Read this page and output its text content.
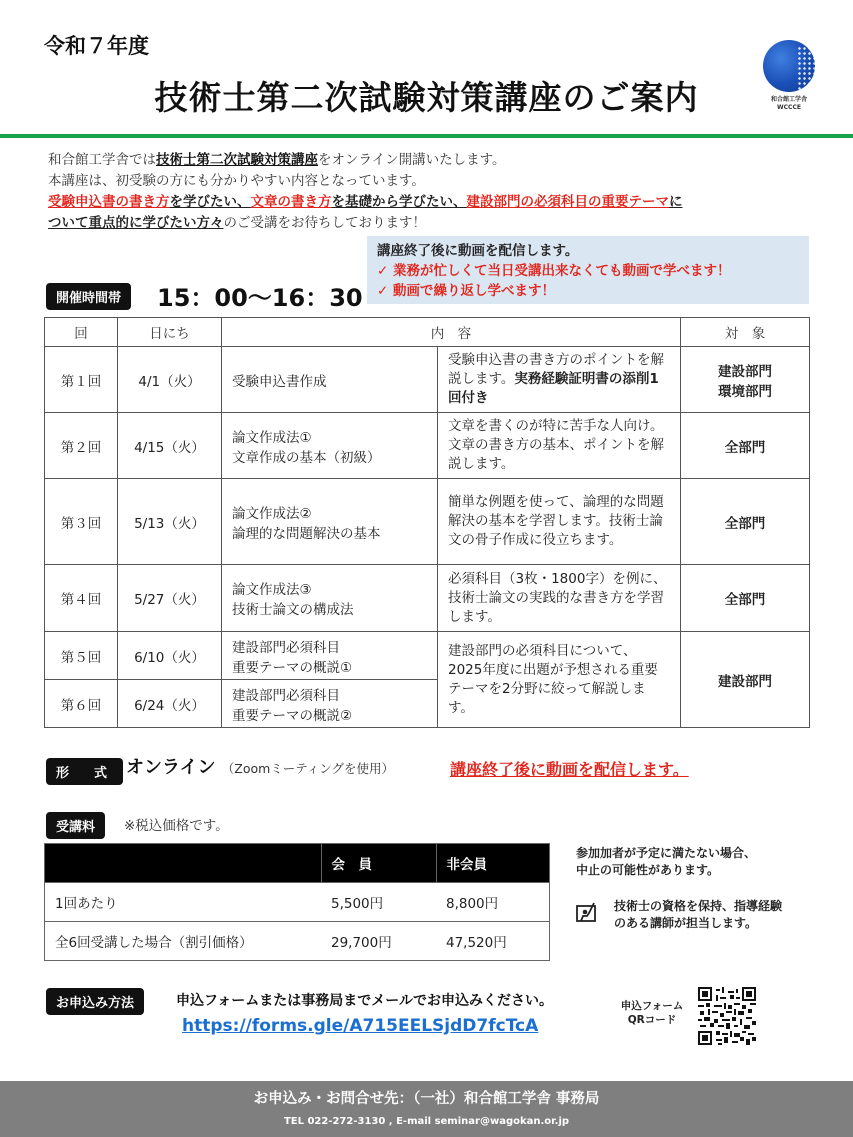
令和７年度
技術士第二次試験対策講座のご案内	和合館工学舎
WCCCE
和合館工学舎では技術士第二次試験対策講座をオンライン開講いたします。
本講座は、初受験の方にも分かりやすい内容となっています。
受験申込書の書き方を学びたい、文章の書き方を基礎から学びたい、建設部門の必須科目の重要テーマに
ついて重点的に学びたい方々のご受講をお待ちしております！
講座終了後に動画を配信します。
✓ 業務が忙しくて当日受講出来なくても動画で学べます！
✓ 動画で繰り返し学べます！
開催時間帯	15：00～16：30
回	日にち	内　容		対　象
第１回	4/1（火）	受験申込書作成	受験申込書の書き方のポイントを解説します。実務経験証明書の添削1回付き	建設部門
環境部門

第２回	4/15（火）	論文作成法①
文章作成の基本（初級）	文章を書くのが特に苦手な人向け。文章の書き方の基本、ポイントを解説します。	全部門
第３回	5/13（火）	論文作成法②
論理的な問題解決の基本	簡単な例題を使って、論理的な問題解決の基本を学習します。技術士論文の骨子作成に役立ちます。	全部門
第４回	5/27（火）	論文作成法③
技術士論文の構成法	必須科目（3枚・1800字）を例に、技術士論文の実践的な書き方を学習します。	全部門
第５回	6/10（火）	建設部門必須科目
重要テーマの概説①	建設部門の必須科目について、2025年度に出題が予想される重要テーマを2分野に絞って解説します。	建設部門
第６回	6/24（火）	建設部門必須科目
重要テーマの概説②		
形　式 オンライン （Zoomミーティングを使用）	講座終了後に動画を配信します。
受講料	※税込価格です。
	会　員	非会員
1回あたり	5,500円	8,800円
全6回受講した場合（割引価格）	29,700円	47,520円
参加加者が予定に満たない場合、
中止の可能性があります。
技術士の資格を保持、指導経験
のある講師が担当します。
お申込み方法	申込フォームまたは事務局までメールでお申込みください。
https://forms.gle/A715EELSjdD7fcTcA
申込フォーム
QRコード
お申込み・お問合せ先：（一社）和合館工学舎 事務局
TEL 022-272-3130 , E-mail seminar@wagokan.or.jp
